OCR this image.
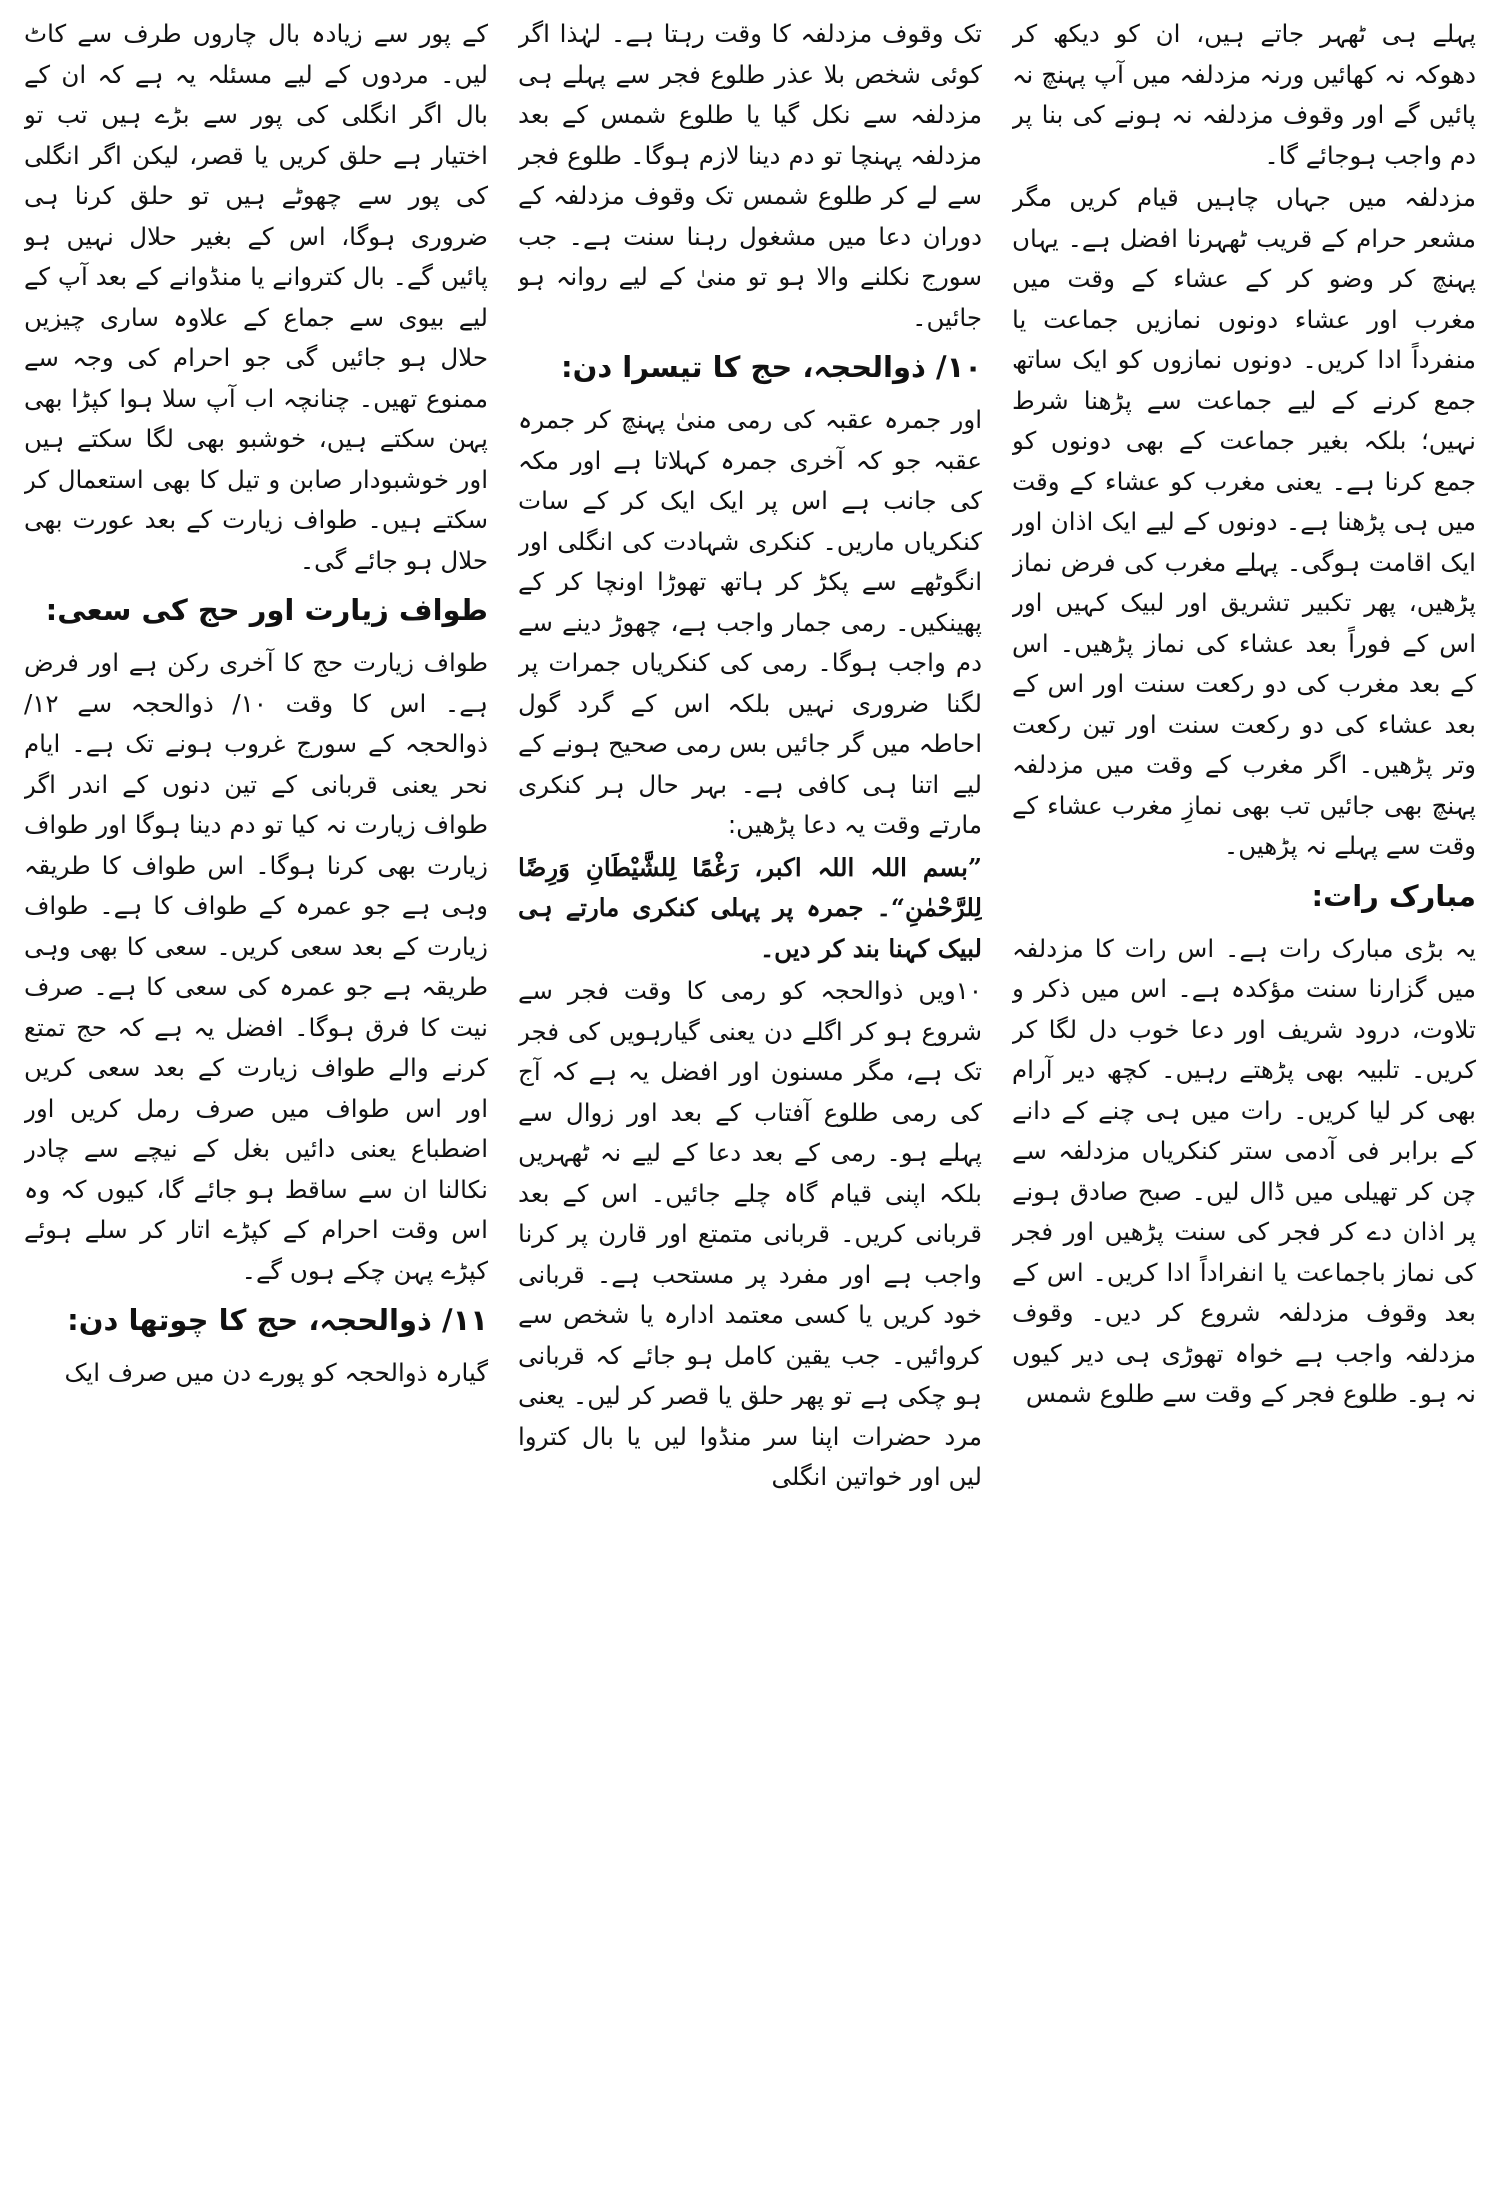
پہلے ہی ٹھہر جاتے ہیں، ان کو دیکھ کر دھوکہ نہ کھائیں ورنہ مزدلفہ میں آپ پہنچ نہ پائیں گے اور وقوف مزدلفہ نہ ہونے کی بنا پر دم واجب ہوجائے گا۔

مزدلفہ میں جہاں چاہیں قیام کریں مگر مشعر حرام کے قریب ٹھہرنا افضل ہے۔ یہاں پہنچ کر وضو کر کے عشاء کے وقت میں مغرب اور عشاء دونوں نمازیں جماعت یا منفرداً ادا کریں۔ دونوں نمازوں کو ایک ساتھ جمع کرنے کے لیے جماعت سے پڑھنا شرط نہیں؛ بلکہ بغیر جماعت کے بھی دونوں کو جمع کرنا ہے۔ یعنی مغرب کو عشاء کے وقت میں ہی پڑھنا ہے۔ دونوں کے لیے ایک اذان اور ایک اقامت ہوگی۔ پہلے مغرب کی فرض نماز پڑھیں، پھر تکبیر تشریق اور لبیک کہیں اور اس کے فوراً بعد عشاء کی نماز پڑھیں۔ اس کے بعد مغرب کی دو رکعت سنت اور اس کے بعد عشاء کی دو رکعت سنت اور تین رکعت وتر پڑھیں۔ اگر مغرب کے وقت میں مزدلفہ پہنچ بھی جائیں تب بھی نمازِ مغرب عشاء کے وقت سے پہلے نہ پڑھیں۔

مبارک رات:

یہ بڑی مبارک رات ہے۔ اس رات کا مزدلفہ میں گزارنا سنت مؤکدہ ہے۔ اس میں ذکر و تلاوت، درود شریف اور دعا خوب دل لگا کر کریں۔ تلبیہ بھی پڑھتے رہیں۔ کچھ دیر آرام بھی کر لیا کریں۔ رات میں ہی چنے کے دانے کے برابر فی آدمی ستر کنکریاں مزدلفہ سے چن کر تھیلی میں ڈال لیں۔ صبح صادق ہونے پر اذان دے کر فجر کی سنت پڑھیں اور فجر کی نماز باجماعت یا انفراداً ادا کریں۔ اس کے بعد وقوف مزدلفہ شروع کر دیں۔ وقوف مزدلفہ واجب ہے خواہ تھوڑی ہی دیر کیوں نہ ہو۔ طلوع فجر کے وقت سے طلوع شمس

تک وقوف مزدلفہ کا وقت رہتا ہے۔ لہٰذا اگر کوئی شخص بلا عذر طلوع فجر سے پہلے ہی مزدلفہ سے نکل گیا یا طلوع شمس کے بعد مزدلفہ پہنچا تو دم دینا لازم ہوگا۔ طلوع فجر سے لے کر طلوع شمس تک وقوف مزدلفہ کے دوران دعا میں مشغول رہنا سنت ہے۔ جب سورج نکلنے والا ہو تو منیٰ کے لیے روانہ ہو جائیں۔

۱۰/ ذوالحجہ، حج کا تیسرا دن:

اور جمرہ عقبہ کی رمی منیٰ پہنچ کر جمرہ عقبہ جو کہ آخری جمرہ کہلاتا ہے اور مکہ کی جانب ہے اس پر ایک ایک کر کے سات کنکریاں ماریں۔ کنکری شہادت کی انگلی اور انگوٹھے سے پکڑ کر ہاتھ تھوڑا اونچا کر کے پھینکیں۔ رمی جمار واجب ہے، چھوڑ دینے سے دم واجب ہوگا۔ رمی کی کنکریاں جمرات پر لگنا ضروری نہیں بلکہ اس کے گرد گول احاطہ میں گر جائیں بس رمی صحیح ہونے کے لیے اتنا ہی کافی ہے۔ بہر حال ہر کنکری مارتے وقت یہ دعا پڑھیں:

”بسم اللہ اللہ اکبر، رَغْمًا لِلشَّیْطَانِ وَرِضًا لِلرَّحْمٰنِ“۔ جمرہ پر پہلی کنکری مارتے ہی لبیک کہنا بند کر دیں۔

۱۰ویں ذوالحجہ کو رمی کا وقت فجر سے شروع ہو کر اگلے دن یعنی گیارہویں کی فجر تک ہے، مگر مسنون اور افضل یہ ہے کہ آج کی رمی طلوع آفتاب کے بعد اور زوال سے پہلے ہو۔ رمی کے بعد دعا کے لیے نہ ٹھہریں بلکہ اپنی قیام گاہ چلے جائیں۔ اس کے بعد قربانی کریں۔ قربانی متمتع اور قارن پر کرنا واجب ہے اور مفرد پر مستحب ہے۔ قربانی خود کریں یا کسی معتمد ادارہ یا شخص سے کروائیں۔ جب یقین کامل ہو جائے کہ قربانی ہو چکی ہے تو پھر حلق یا قصر کر لیں۔ یعنی مرد حضرات اپنا سر منڈوا لیں یا بال کتروا لیں اور خواتین انگلی

کے پور سے زیادہ بال چاروں طرف سے کاٹ لیں۔ مردوں کے لیے مسئلہ یہ ہے کہ ان کے بال اگر انگلی کی پور سے بڑے ہیں تب تو اختیار ہے حلق کریں یا قصر، لیکن اگر انگلی کی پور سے چھوٹے ہیں تو حلق کرنا ہی ضروری ہوگا، اس کے بغیر حلال نہیں ہو پائیں گے۔ بال کتروانے یا منڈوانے کے بعد آپ کے لیے بیوی سے جماع کے علاوہ ساری چیزیں حلال ہو جائیں گی جو احرام کی وجہ سے ممنوع تھیں۔ چنانچہ اب آپ سلا ہوا کپڑا بھی پہن سکتے ہیں، خوشبو بھی لگا سکتے ہیں اور خوشبودار صابن و تیل کا بھی استعمال کر سکتے ہیں۔ طواف زیارت کے بعد عورت بھی حلال ہو جائے گی۔

طواف زیارت اور حج کی سعی:

طواف زیارت حج کا آخری رکن ہے اور فرض ہے۔ اس کا وقت ۱۰/ ذوالحجہ سے ۱۲/ ذوالحجہ کے سورج غروب ہونے تک ہے۔ ایام نحر یعنی قربانی کے تین دنوں کے اندر اگر طواف زیارت نہ کیا تو دم دینا ہوگا اور طواف زیارت بھی کرنا ہوگا۔ اس طواف کا طریقہ وہی ہے جو عمرہ کے طواف کا ہے۔ طواف زیارت کے بعد سعی کریں۔ سعی کا بھی وہی طریقہ ہے جو عمرہ کی سعی کا ہے۔ صرف نیت کا فرق ہوگا۔ افضل یہ ہے کہ حج تمتع کرنے والے طواف زیارت کے بعد سعی کریں اور اس طواف میں صرف رمل کریں اور اضطباع یعنی دائیں بغل کے نیچے سے چادر نکالنا ان سے ساقط ہو جائے گا، کیوں کہ وہ اس وقت احرام کے کپڑے اتار کر سلے ہوئے کپڑے پہن چکے ہوں گے۔

۱۱/ ذوالحجہ، حج کا چوتھا دن:

گیارہ ذوالحجہ کو پورے دن میں صرف ایک
